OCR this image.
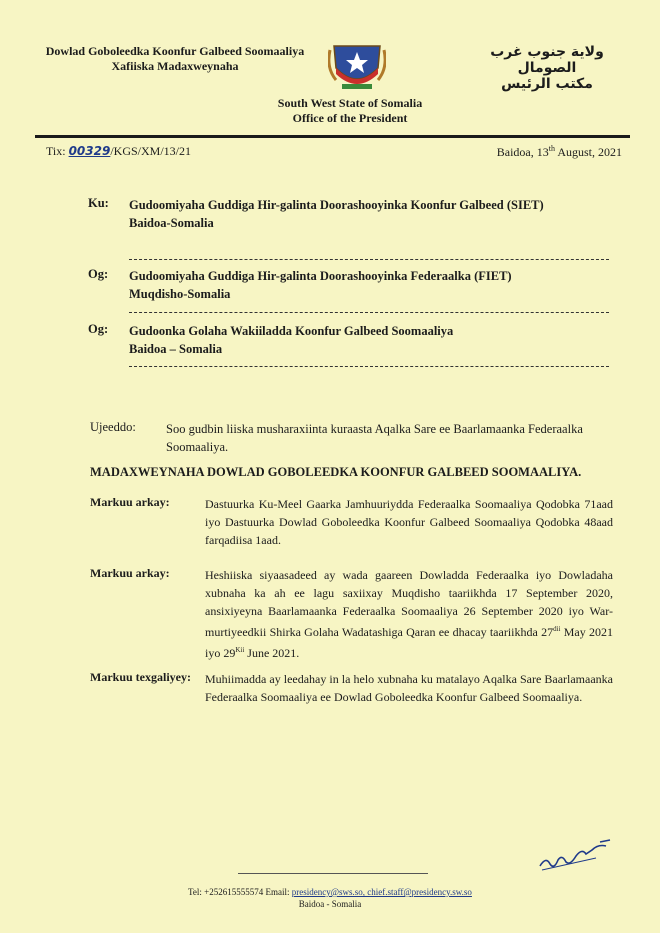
Dowlad Goboleedka Koonfur Galbeed Soomaaliya
Xafiiska Madaxweynaha
ولاية جنوب غرب الصومال
مكتب الرئيس
South West State of Somalia
Office of the President
Tix: 00329/KGS/XM/13/21	Baidoa, 13th August, 2021
Ku: Gudoomiyaha Guddiga Hir-galinta Doorashooyinka Koonfur Galbeed (SIET)
Baidoa-Somalia
Og: Gudoomiyaha Guddiga Hir-galinta Doorashooyinka Federaalka (FIET)
Muqdisho-Somalia
Og: Gudoonka Golaha Wakiiladda Koonfur Galbeed Soomaaliya
Baidoa – Somalia
Ujeeddo: Soo gudbin liiska musharaxiinta kuraasta Aqalka Sare ee Baarlamaanka Federaalka Soomaaliya.
MADAXWEYNAHA DOWLAD GOBOLEEDKA KOONFUR GALBEED SOOMAALIYA.
Markuu arkay:	Dastuurka Ku-Meel Gaarka Jamhuuriydda Federaalka Soomaaliya Qodobka 71aad iyo Dastuurka Dowlad Goboleedka Koonfur Galbeed Soomaaliya Qodobka 48aad farqadiisa 1aad.
Markuu arkay:	Heshiiska siyaasadeed ay wada gaareen Dowladda Federaalka iyo Dowladaha xubnaha ka ah ee lagu saxiixay Muqdisho taariikhda 17 September 2020, ansixiyeyna Baarlamaanka Federaalka Soomaaliya 26 September 2020 iyo War-murtiyeedkii Shirka Golaha Wadatashiga Qaran ee dhacay taariikhda $27^{dii}$ May 2021 iyo $29^{Kii}$ June 2021.
Markuu texgaliyey: Muhiimadda ay leedahay in la helo xubnaha ku matalayo Aqalka Sare Baarlamaanka Federaalka Soomaaliya ee Dowlad Goboleedka Koonfur Galbeed Soomaaliya.
Tel: +252615555574 Email: presidency@sws.so, chief.staff@presidency.sw.so
Baidoa - Somalia
